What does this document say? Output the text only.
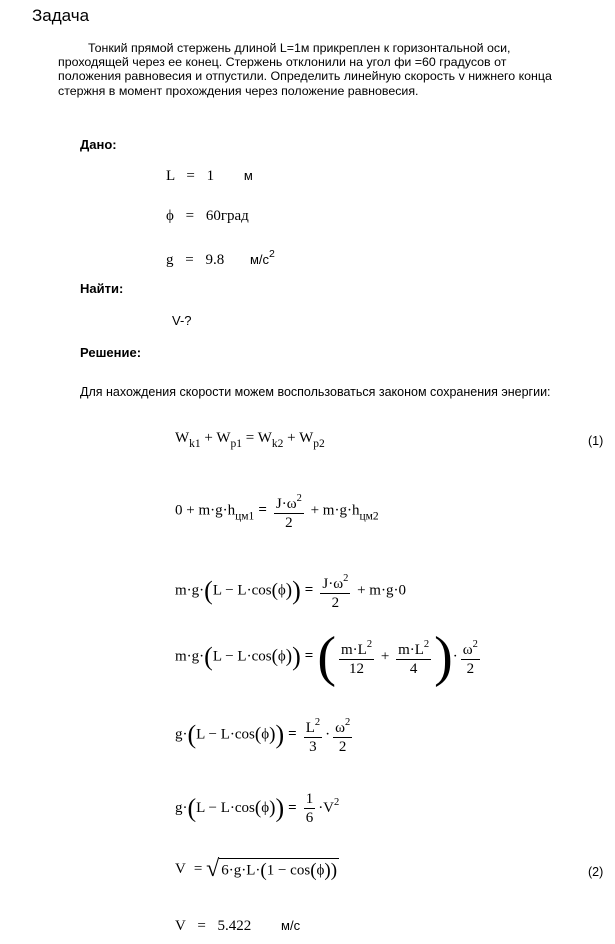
Задача
Тонкий прямой стержень длиной L=1м прикреплен к горизонтальной оси,
проходящей через ее конец. Стержень отклонили на угол фи =60 градусов от
положения равновесия и отпустили. Определить линейную скорость v нижнего конца
стержня в момент прохождения через положение равновесия.
Дано:
L = 1 м
ϕ = 60град
g = 9.8 $м/с^2$
Найти:
V-?
Решение:
Для нахождения скорости можем воспользоваться законом сохранения энергии:
$W_{k1} + W_{p1} = W_{k2} + W_{p2}$	(1)
$0 + m\cdot g\cdot h_{цм1} = \frac{J\cdot\omega^2}{2} + m\cdot g\cdot h_{цм2}$
$m\cdot g\cdot(L - L\cdot\cos(\phi)) = \frac{J\cdot\omega^2}{2} + m\cdot g\cdot 0$
m·g·(L − L·cos(ϕ)) =( $\frac{m\cdot L^2}{12} + \frac{m\cdot L^2}{4}$ )· $\frac{\omega^2}{2}$
$g\cdot(L - L\cdot\cos(\phi)) = \frac{L^2}{3} \cdot \frac{\omega^2}{2}$
$g\cdot(L - L\cdot\cos(\phi)) = \frac{1}{6} \cdot V^2$
V = √ 6·g·L·(1 − cos(ϕ))	(2)
V = 5.422 м/с
